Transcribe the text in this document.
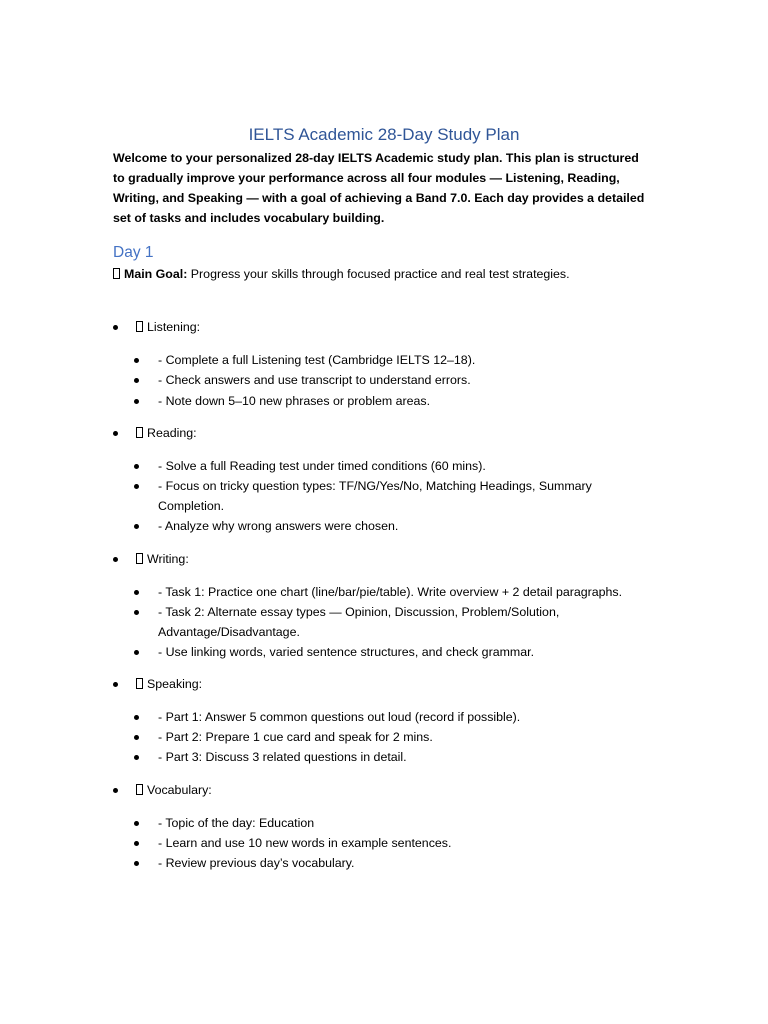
IELTS Academic 28-Day Study Plan
Welcome to your personalized 28-day IELTS Academic study plan. This plan is structured to gradually improve your performance across all four modules — Listening, Reading, Writing, and Speaking — with a goal of achieving a Band 7.0. Each day provides a detailed set of tasks and includes vocabulary building.
Day 1
Main Goal: Progress your skills through focused practice and real test strategies.
Listening:
- Complete a full Listening test (Cambridge IELTS 12–18).
- Check answers and use transcript to understand errors.
- Note down 5–10 new phrases or problem areas.
Reading:
- Solve a full Reading test under timed conditions (60 mins).
- Focus on tricky question types: TF/NG/Yes/No, Matching Headings, Summary Completion.
- Analyze why wrong answers were chosen.
Writing:
- Task 1: Practice one chart (line/bar/pie/table). Write overview + 2 detail paragraphs.
- Task 2: Alternate essay types — Opinion, Discussion, Problem/Solution, Advantage/Disadvantage.
- Use linking words, varied sentence structures, and check grammar.
Speaking:
- Part 1: Answer 5 common questions out loud (record if possible).
- Part 2: Prepare 1 cue card and speak for 2 mins.
- Part 3: Discuss 3 related questions in detail.
Vocabulary:
- Topic of the day: Education
- Learn and use 10 new words in example sentences.
- Review previous day’s vocabulary.
